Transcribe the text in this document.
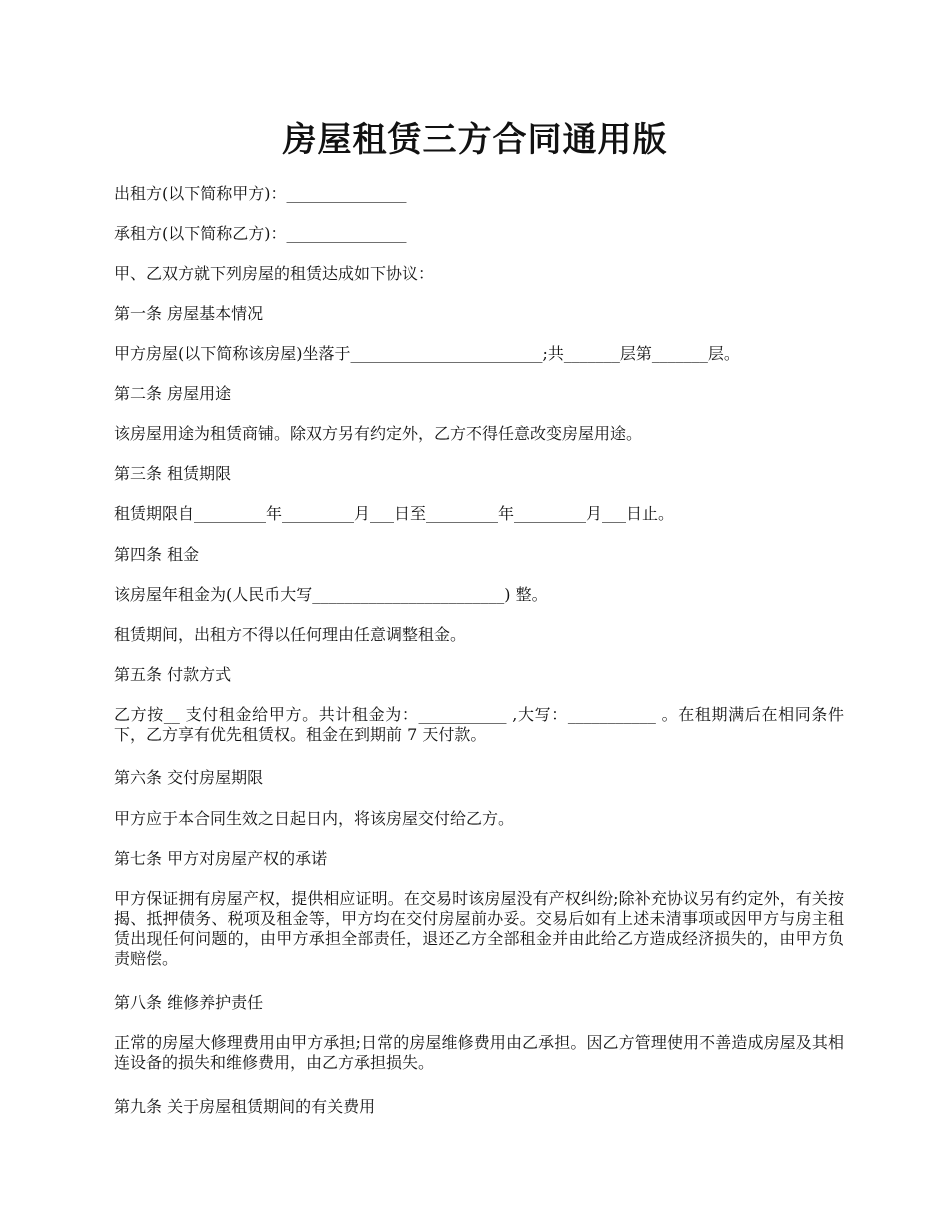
房屋租赁三方合同通用版

出租方(以下简称甲方)：_______________

承租方(以下简称乙方)：_______________

甲、乙双方就下列房屋的租赁达成如下协议：

第一条 房屋基本情况

甲方房屋(以下简称该房屋)坐落于________________________;共_______层第_______层。

第二条 房屋用途

该房屋用途为租赁商铺。除双方另有约定外，乙方不得任意改变房屋用途。

第三条 租赁期限

租赁期限自_________年_________月___日至_________年_________月___日止。

第四条 租金

该房屋年租金为(人民币大写________________________) 整。

租赁期间，出租方不得以任何理由任意调整租金。

第五条 付款方式

乙方按__ 支付租金给甲方。共计租金为：___________ ,大写：___________ 。在租期满后在相同条件下，乙方享有优先租赁权。租金在到期前 7 天付款。

第六条 交付房屋期限

甲方应于本合同生效之日起日内，将该房屋交付给乙方。

第七条 甲方对房屋产权的承诺

甲方保证拥有房屋产权，提供相应证明。在交易时该房屋没有产权纠纷;除补充协议另有约定外，有关按揭、抵押债务、税项及租金等，甲方均在交付房屋前办妥。交易后如有上述未清事项或因甲方与房主租赁出现任何问题的，由甲方承担全部责任，退还乙方全部租金并由此给乙方造成经济损失的，由甲方负责赔偿。

第八条 维修养护责任

正常的房屋大修理费用由甲方承担;日常的房屋维修费用由乙承担。因乙方管理使用不善造成房屋及其相连设备的损失和维修费用，由乙方承担损失。

第九条 关于房屋租赁期间的有关费用
